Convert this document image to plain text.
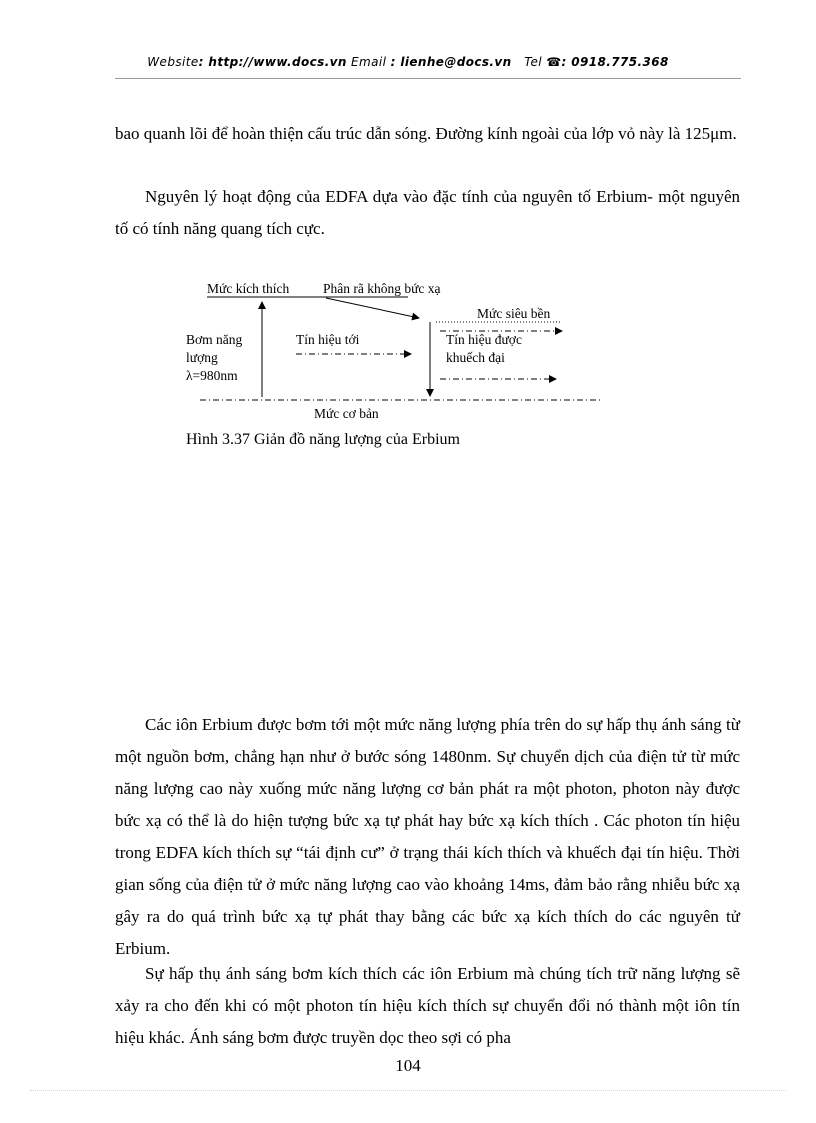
Website: http://www.docs.vn Email : lienhe@docs.vn Tel ☎: 0918.775.368

bao quanh lõi để hoàn thiện cấu trúc dẫn sóng. Đường kính ngoài của lớp vỏ này là 125μm.

Nguyên lý hoạt động của EDFA dựa vào đặc tính của nguyên tố Erbium- một nguyên tố có tính năng quang tích cực.

Mức kích thích Phân rã không bức xạ
Mức siêu bền
Bơm năng
lượng
λ=980nm
Tín hiệu tới	Tín hiệu được
khuếch đại
Mức cơ bản
Hình 3.37 Giản đồ năng lượng của Erbium

Các iôn Erbium được bơm tới một mức năng lượng phía trên do sự hấp thụ ánh sáng từ một nguồn bơm, chẳng hạn như ở bước sóng 1480nm. Sự chuyển dịch của điện tử từ mức năng lượng cao này xuống mức năng lượng cơ bản phát ra một photon, photon này được bức xạ có thể là do hiện tượng bức xạ tự phát hay bức xạ kích thích . Các photon tín hiệu trong EDFA kích thích sự “tái định cư” ở trạng thái kích thích và khuếch đại tín hiệu. Thời gian sống của điện tử ở mức năng lượng cao vào khoảng 14ms, đảm bảo rằng nhiễu bức xạ gây ra do quá trình bức xạ tự phát thay bằng các bức xạ kích thích do các nguyên tử Erbium.

Sự hấp thụ ánh sáng bơm kích thích các iôn Erbium mà chúng tích trữ năng lượng sẽ xảy ra cho đến khi có một photon tín hiệu kích thích sự chuyển đổi nó thành một iôn tín hiệu khác. Ánh sáng bơm được truyền dọc theo sợi có pha

104
